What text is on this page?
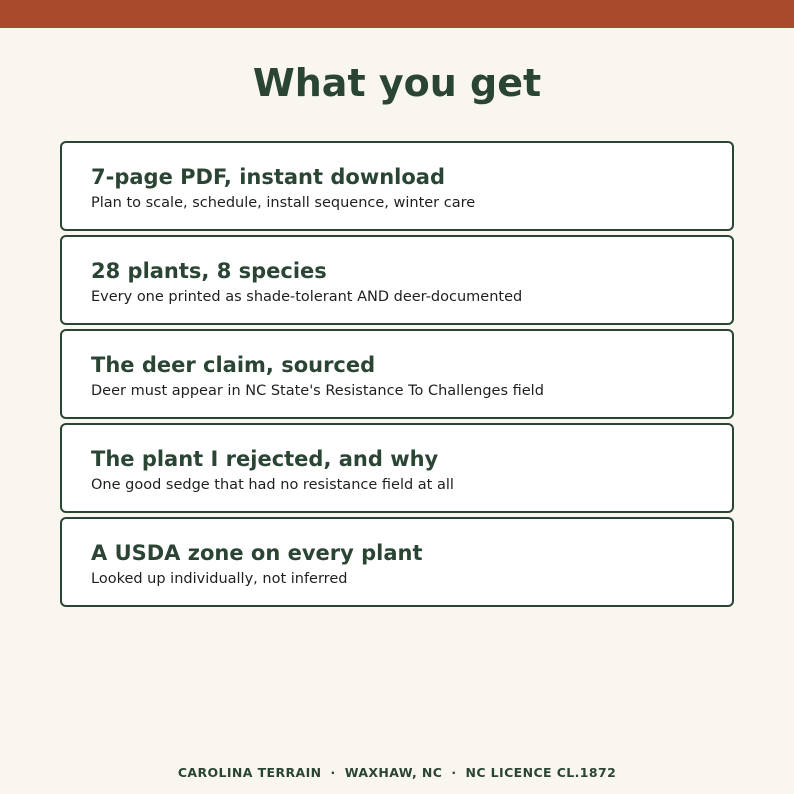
What you get
7-page PDF, instant download
Plan to scale, schedule, install sequence, winter care
28 plants, 8 species
Every one printed as shade-tolerant AND deer-documented
The deer claim, sourced
Deer must appear in NC State's Resistance To Challenges field
The plant I rejected, and why
One good sedge that had no resistance field at all
A USDA zone on every plant
Looked up individually, not inferred
CAROLINA TERRAIN · WAXHAW, NC · NC LICENCE CL.1872
